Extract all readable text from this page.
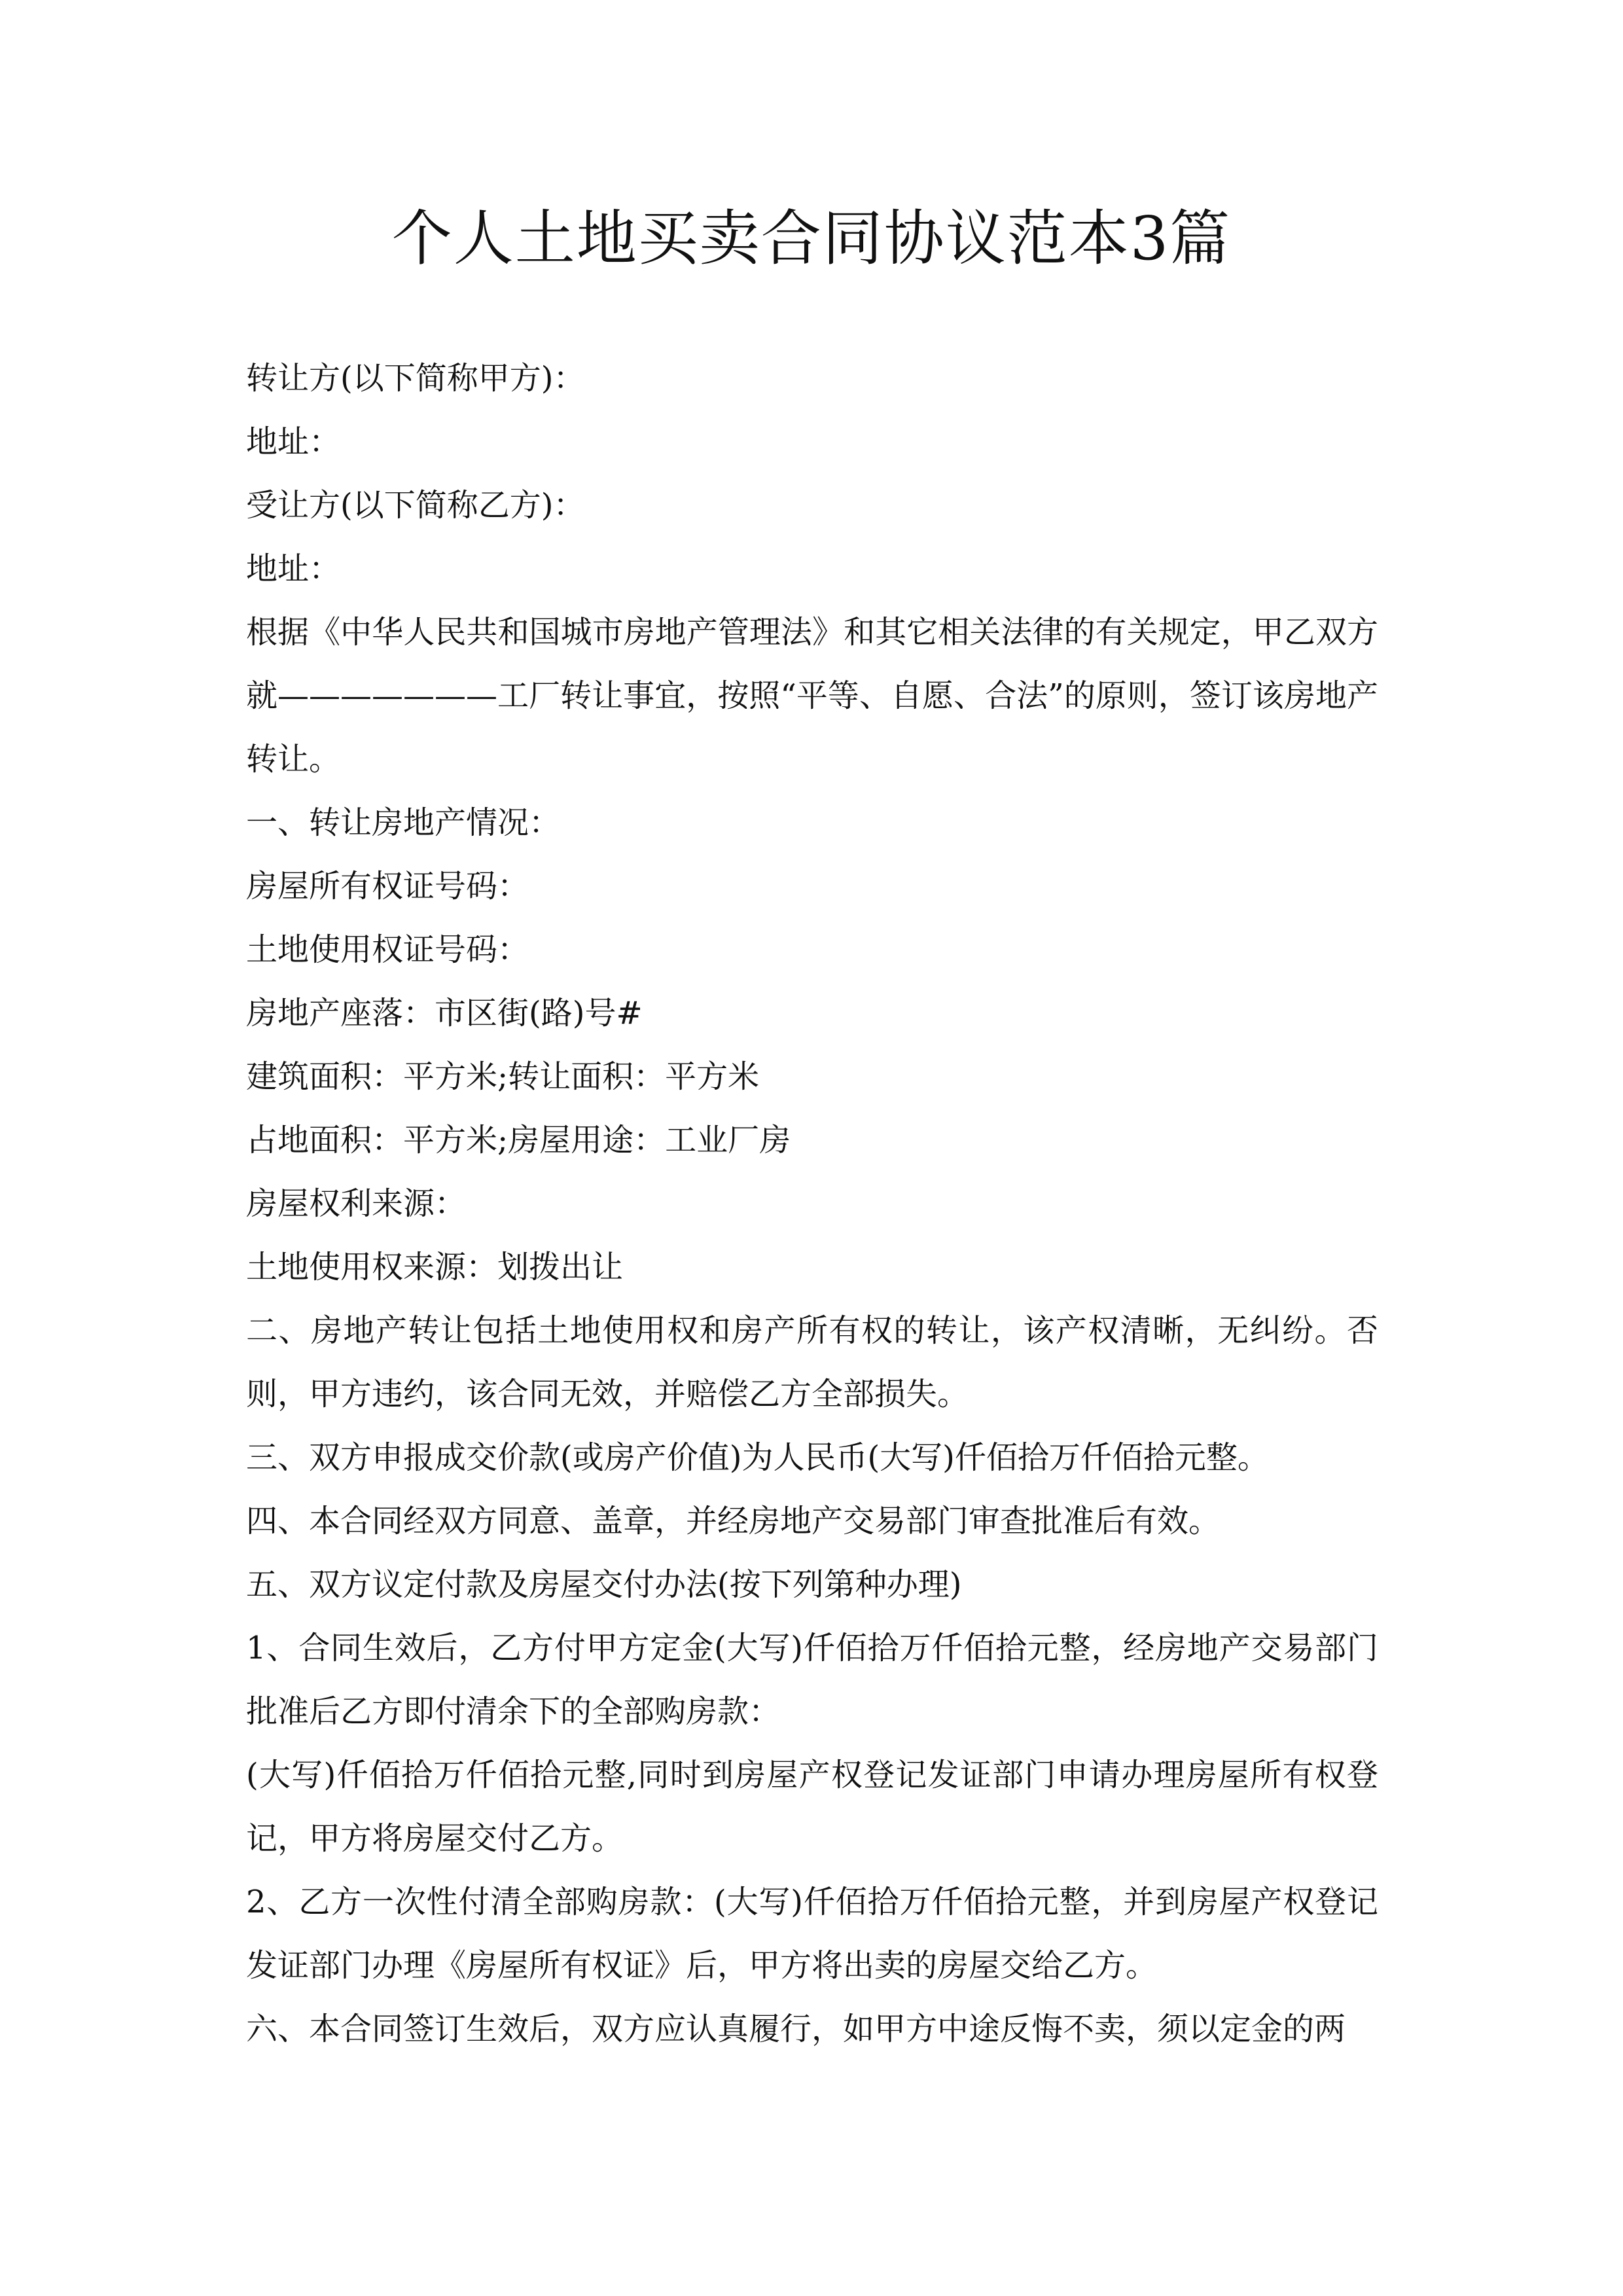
个人土地买卖合同协议范本3篇

转让方(以下简称甲方)：

地址：

受让方(以下简称乙方)：

地址：

根据《中华人民共和国城市房地产管理法》和其它相关法律的有关规定，甲乙双方就———————工厂转让事宜，按照“平等、自愿、合法”的原则，签订该房地产转让。

一、转让房地产情况：

房屋所有权证号码：

土地使用权证号码：

房地产座落：市区街(路)号#

建筑面积：平方米;转让面积：平方米

占地面积：平方米;房屋用途：工业厂房

房屋权利来源：

土地使用权来源：划拨出让

二、房地产转让包括土地使用权和房产所有权的转让，该产权清晰，无纠纷。否则，甲方违约，该合同无效，并赔偿乙方全部损失。

三、双方申报成交价款(或房产价值)为人民币(大写)仟佰拾万仟佰拾元整。

四、本合同经双方同意、盖章，并经房地产交易部门审查批准后有效。

五、双方议定付款及房屋交付办法(按下列第种办理)

1、合同生效后，乙方付甲方定金(大写)仟佰拾万仟佰拾元整，经房地产交易部门批准后乙方即付清余下的全部购房款：

(大写)仟佰拾万仟佰拾元整,同时到房屋产权登记发证部门申请办理房屋所有权登记，甲方将房屋交付乙方。

2、乙方一次性付清全部购房款：(大写)仟佰拾万仟佰拾元整，并到房屋产权登记发证部门办理《房屋所有权证》后，甲方将出卖的房屋交给乙方。

六、本合同签订生效后，双方应认真履行，如甲方中途反悔不卖，须以定金的两
